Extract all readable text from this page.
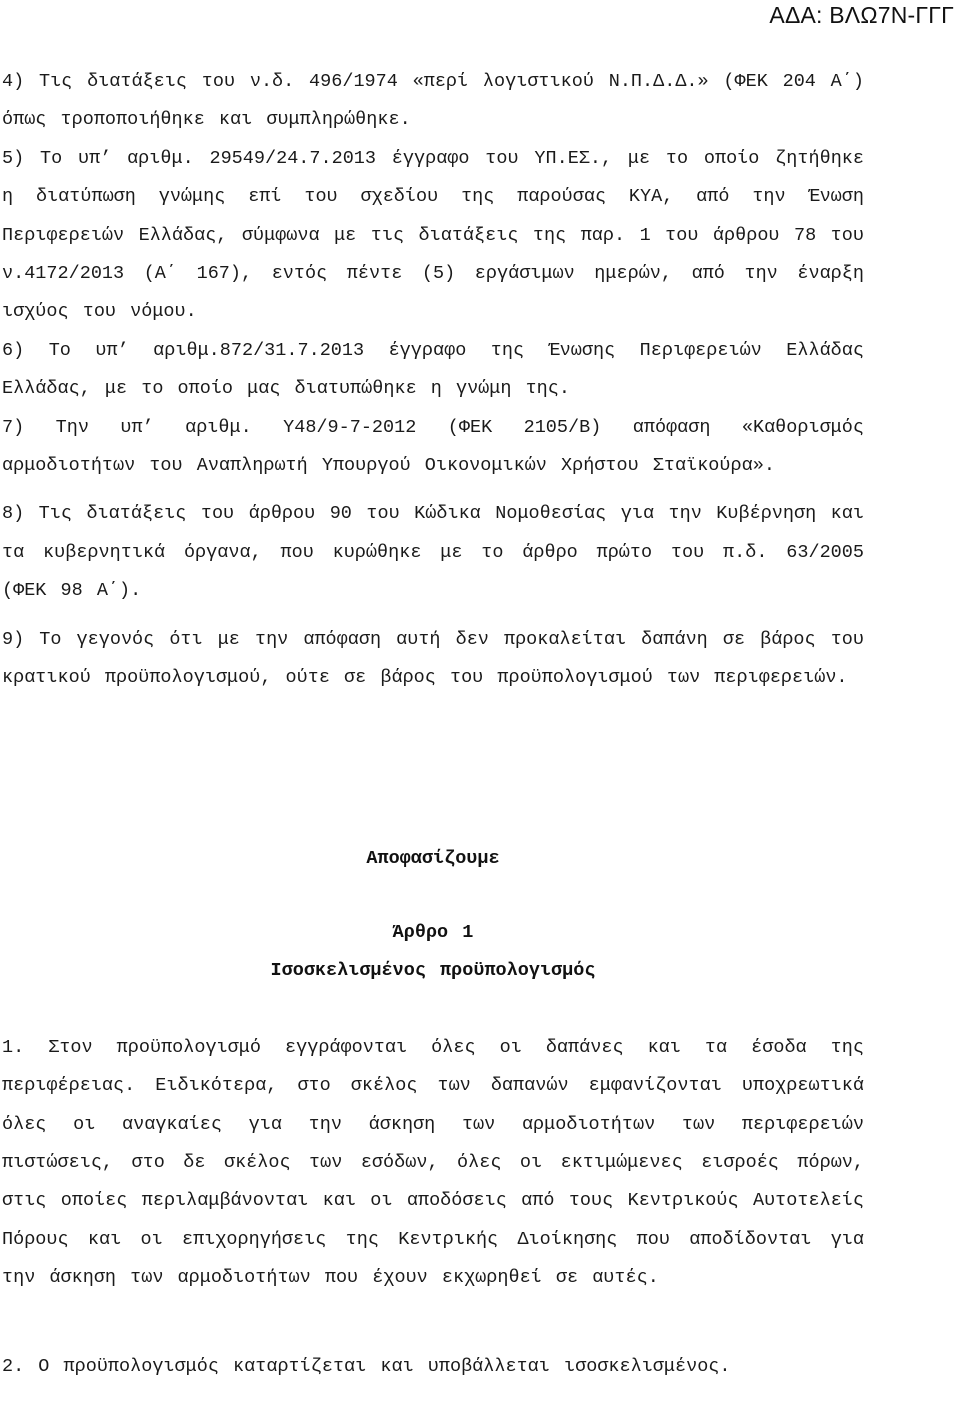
ΑΔΑ: ΒΛΩ7Ν-ΓΓΓ

4) Τις διατάξεις του ν.δ. 496/1974 «περί λογιστικού Ν.Π.Δ.Δ.» (ΦΕΚ 204 Α΄) όπως τροποποιήθηκε και συμπληρώθηκε.

5) Το υπ’ αριθμ. 29549/24.7.2013 έγγραφο του ΥΠ.ΕΣ., με το οποίο ζητήθηκε η διατύπωση γνώμης επί του σχεδίου της παρούσας ΚΥΑ, από την Ένωση Περιφερειών Ελλάδας, σύμφωνα με τις διατάξεις της παρ. 1 του άρθρου 78 του ν.4172/2013 (Α΄ 167), εντός πέντε (5) εργάσιμων ημερών, από την έναρξη ισχύος του νόμου.

6) Το υπ’ αριθμ.872/31.7.2013 έγγραφο της Ένωσης Περιφερειών Ελλάδας Ελλάδας, με το οποίο μας διατυπώθηκε η γνώμη της.

7) Την υπ’ αριθμ. Υ48/9-7-2012 (ΦΕΚ 2105/Β) απόφαση «Καθορισμός αρμοδιοτήτων του Αναπληρωτή Υπουργού Οικονομικών Χρήστου Σταϊκούρα».

8) Τις διατάξεις του άρθρου 90 του Κώδικα Νομοθεσίας για την Κυβέρνηση και τα κυβερνητικά όργανα, που κυρώθηκε με το άρθρο πρώτο του π.δ. 63/2005 (ΦΕΚ 98 Α΄).

9) Το γεγονός ότι με την απόφαση αυτή δεν προκαλείται δαπάνη σε βάρος του κρατικού προϋπολογισμού, ούτε σε βάρος του προϋπολογισμού των περιφερειών.

Αποφασίζουμε

Άρθρο 1

Ισοσκελισμένος προϋπολογισμός

1. Στον προϋπολογισμό εγγράφονται όλες οι δαπάνες και τα έσοδα της περιφέρειας. Ειδικότερα, στο σκέλος των δαπανών εμφανίζονται υποχρεωτικά όλες οι αναγκαίες για την άσκηση των αρμοδιοτήτων των περιφερειών πιστώσεις, στο δε σκέλος των εσόδων, όλες οι εκτιμώμενες εισροές πόρων, στις οποίες περιλαμβάνονται και οι αποδόσεις από τους Κεντρικούς Αυτοτελείς Πόρους και οι επιχορηγήσεις της Κεντρικής Διοίκησης που αποδίδονται για την άσκηση των αρμοδιοτήτων που έχουν εκχωρηθεί σε αυτές.

2. Ο προϋπολογισμός καταρτίζεται και υποβάλλεται ισοσκελισμένος.
